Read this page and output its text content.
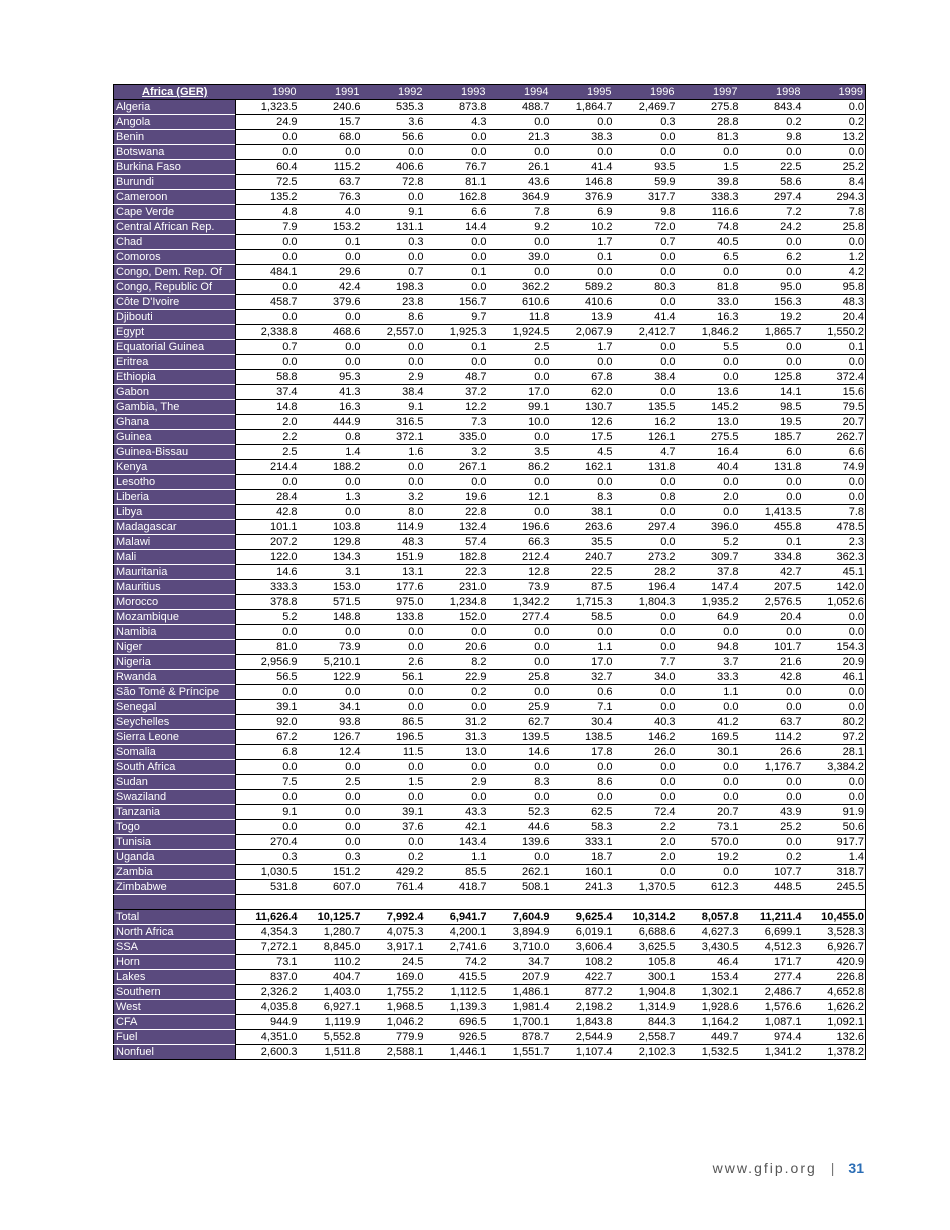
Africa (GER)	1990	1991	1992	1993	1994	1995	1996	1997	1998	1999
Algeria	1,323.5	240.6	535.3	873.8	488.7	1,864.7	2,469.7	275.8	843.4	0.0
Angola	24.9	15.7	3.6	4.3	0.0	0.0	0.3	28.8	0.2	0.2
Benin	0.0	68.0	56.6	0.0	21.3	38.3	0.0	81.3	9.8	13.2
Botswana	0.0	0.0	0.0	0.0	0.0	0.0	0.0	0.0	0.0	0.0
Burkina Faso	60.4	115.2	406.6	76.7	26.1	41.4	93.5	1.5	22.5	25.2
Burundi	72.5	63.7	72.8	81.1	43.6	146.8	59.9	39.8	58.6	8.4
Cameroon	135.2	76.3	0.0	162.8	364.9	376.9	317.7	338.3	297.4	294.3
Cape Verde	4.8	4.0	9.1	6.6	7.8	6.9	9.8	116.6	7.2	7.8
Central African Rep.	7.9	153.2	131.1	14.4	9.2	10.2	72.0	74.8	24.2	25.8
Chad	0.0	0.1	0.3	0.0	0.0	1.7	0.7	40.5	0.0	0.0
Comoros	0.0	0.0	0.0	0.0	39.0	0.1	0.0	6.5	6.2	1.2
Congo, Dem. Rep. Of	484.1	29.6	0.7	0.1	0.0	0.0	0.0	0.0	0.0	4.2
Congo, Republic Of	0.0	42.4	198.3	0.0	362.2	589.2	80.3	81.8	95.0	95.8
Côte D'Ivoire	458.7	379.6	23.8	156.7	610.6	410.6	0.0	33.0	156.3	48.3
Djibouti	0.0	0.0	8.6	9.7	11.8	13.9	41.4	16.3	19.2	20.4
Egypt	2,338.8	468.6	2,557.0	1,925.3	1,924.5	2,067.9	2,412.7	1,846.2	1,865.7	1,550.2
Equatorial Guinea	0.7	0.0	0.0	0.1	2.5	1.7	0.0	5.5	0.0	0.1
Eritrea	0.0	0.0	0.0	0.0	0.0	0.0	0.0	0.0	0.0	0.0
Ethiopia	58.8	95.3	2.9	48.7	0.0	67.8	38.4	0.0	125.8	372.4
Gabon	37.4	41.3	38.4	37.2	17.0	62.0	0.0	13.6	14.1	15.6
Gambia, The	14.8	16.3	9.1	12.2	99.1	130.7	135.5	145.2	98.5	79.5
Ghana	2.0	444.9	316.5	7.3	10.0	12.6	16.2	13.0	19.5	20.7
Guinea	2.2	0.8	372.1	335.0	0.0	17.5	126.1	275.5	185.7	262.7
Guinea-Bissau	2.5	1.4	1.6	3.2	3.5	4.5	4.7	16.4	6.0	6.6
Kenya	214.4	188.2	0.0	267.1	86.2	162.1	131.8	40.4	131.8	74.9
Lesotho	0.0	0.0	0.0	0.0	0.0	0.0	0.0	0.0	0.0	0.0
Liberia	28.4	1.3	3.2	19.6	12.1	8.3	0.8	2.0	0.0	0.0
Libya	42.8	0.0	8.0	22.8	0.0	38.1	0.0	0.0	1,413.5	7.8
Madagascar	101.1	103.8	114.9	132.4	196.6	263.6	297.4	396.0	455.8	478.5
Malawi	207.2	129.8	48.3	57.4	66.3	35.5	0.0	5.2	0.1	2.3
Mali	122.0	134.3	151.9	182.8	212.4	240.7	273.2	309.7	334.8	362.3
Mauritania	14.6	3.1	13.1	22.3	12.8	22.5	28.2	37.8	42.7	45.1
Mauritius	333.3	153.0	177.6	231.0	73.9	87.5	196.4	147.4	207.5	142.0
Morocco	378.8	571.5	975.0	1,234.8	1,342.2	1,715.3	1,804.3	1,935.2	2,576.5	1,052.6
Mozambique	5.2	148.8	133.8	152.0	277.4	58.5	0.0	64.9	20.4	0.0
Namibia	0.0	0.0	0.0	0.0	0.0	0.0	0.0	0.0	0.0	0.0
Niger	81.0	73.9	0.0	20.6	0.0	1.1	0.0	94.8	101.7	154.3
Nigeria	2,956.9	5,210.1	2.6	8.2	0.0	17.0	7.7	3.7	21.6	20.9
Rwanda	56.5	122.9	56.1	22.9	25.8	32.7	34.0	33.3	42.8	46.1
São Tomé & Príncipe	0.0	0.0	0.0	0.2	0.0	0.6	0.0	1.1	0.0	0.0
Senegal	39.1	34.1	0.0	0.0	25.9	7.1	0.0	0.0	0.0	0.0
Seychelles	92.0	93.8	86.5	31.2	62.7	30.4	40.3	41.2	63.7	80.2
Sierra Leone	67.2	126.7	196.5	31.3	139.5	138.5	146.2	169.5	114.2	97.2
Somalia	6.8	12.4	11.5	13.0	14.6	17.8	26.0	30.1	26.6	28.1
South Africa	0.0	0.0	0.0	0.0	0.0	0.0	0.0	0.0	1,176.7	3,384.2
Sudan	7.5	2.5	1.5	2.9	8.3	8.6	0.0	0.0	0.0	0.0
Swaziland	0.0	0.0	0.0	0.0	0.0	0.0	0.0	0.0	0.0	0.0
Tanzania	9.1	0.0	39.1	43.3	52.3	62.5	72.4	20.7	43.9	91.9
Togo	0.0	0.0	37.6	42.1	44.6	58.3	2.2	73.1	25.2	50.6
Tunisia	270.4	0.0	0.0	143.4	139.6	333.1	2.0	570.0	0.0	917.7
Uganda	0.3	0.3	0.2	1.1	0.0	18.7	2.0	19.2	0.2	1.4
Zambia	1,030.5	151.2	429.2	85.5	262.1	160.1	0.0	0.0	107.7	318.7
Zimbabwe	531.8	607.0	761.4	418.7	508.1	241.3	1,370.5	612.3	448.5	245.5

Total	11,626.4	10,125.7	7,992.4	6,941.7	7,604.9	9,625.4	10,314.2	8,057.8	11,211.4	10,455.0
North Africa	4,354.3	1,280.7	4,075.3	4,200.1	3,894.9	6,019.1	6,688.6	4,627.3	6,699.1	3,528.3
SSA	7,272.1	8,845.0	3,917.1	2,741.6	3,710.0	3,606.4	3,625.5	3,430.5	4,512.3	6,926.7
Horn	73.1	110.2	24.5	74.2	34.7	108.2	105.8	46.4	171.7	420.9
Lakes	837.0	404.7	169.0	415.5	207.9	422.7	300.1	153.4	277.4	226.8
Southern	2,326.2	1,403.0	1,755.2	1,112.5	1,486.1	877.2	1,904.8	1,302.1	2,486.7	4,652.8
West	4,035.8	6,927.1	1,968.5	1,139.3	1,981.4	2,198.2	1,314.9	1,928.6	1,576.6	1,626.2
CFA	944.9	1,119.9	1,046.2	696.5	1,700.1	1,843.8	844.3	1,164.2	1,087.1	1,092.1
Fuel	4,351.0	5,552.8	779.9	926.5	878.7	2,544.9	2,558.7	449.7	974.4	132.6
Nonfuel	2,600.3	1,511.8	2,588.1	1,446.1	1,551.7	1,107.4	2,102.3	1,532.5	1,341.2	1,378.2
www.gfip.org | 31
